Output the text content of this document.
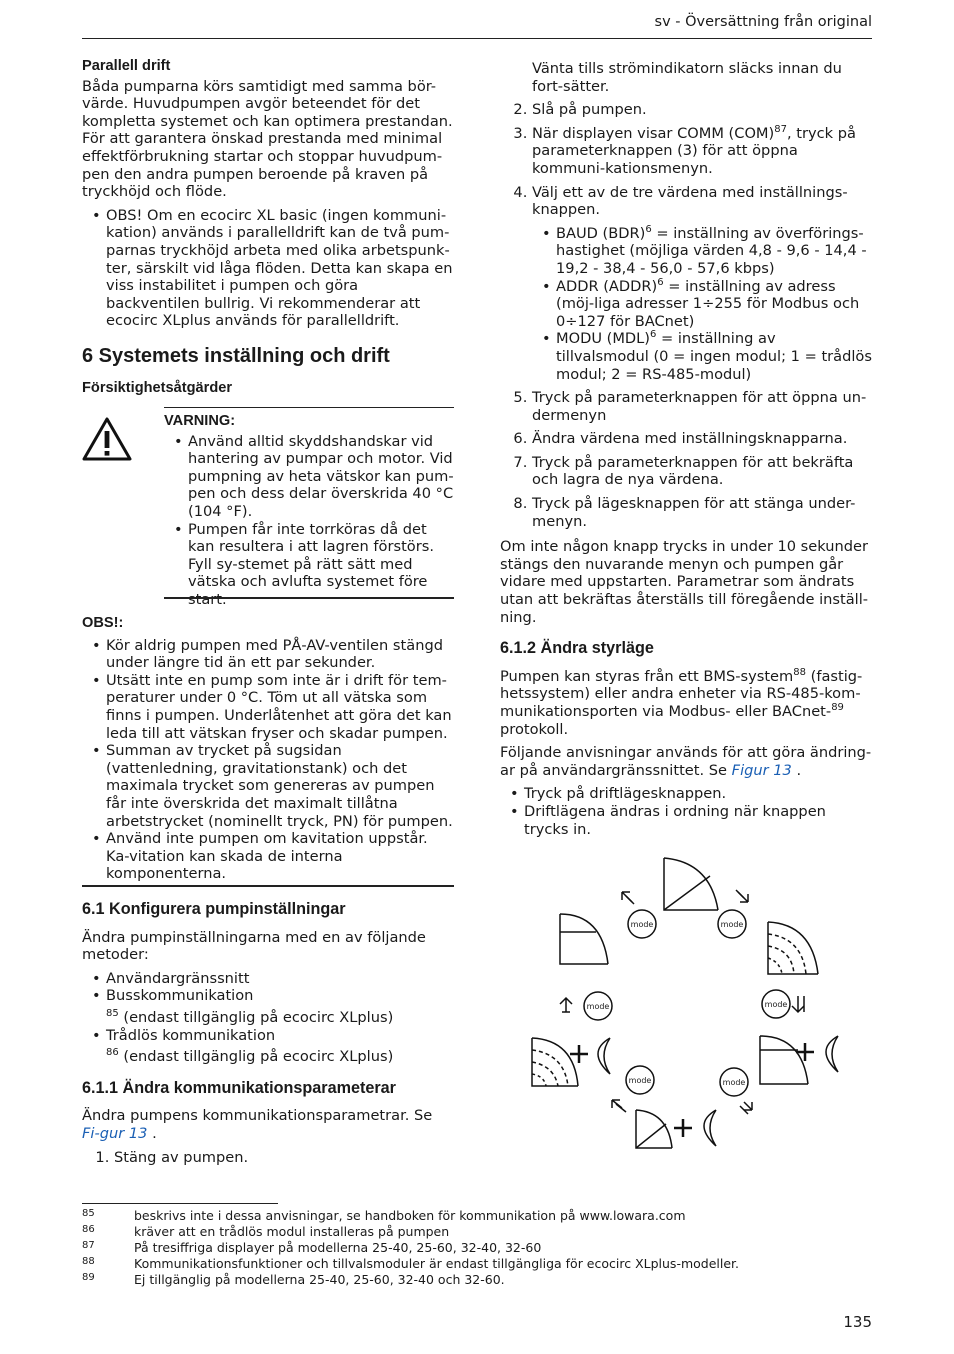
sv - Översättning från original
Parallell drift

Båda pumparna körs samtidigt med samma bör-värde. Huvudpumpen avgör beteendet för det kompletta systemet och kan optimera prestandan. För att garantera önskad prestanda med minimal effektförbrukning startar och stoppar huvudpum-pen den andra pumpen beroende på kraven på tryckhöjd och flöde.

• OBS! Om en ecocirc XL basic (ingen kommuni-kation) används i parallelldrift kan de två pum-parnas tryckhöjd arbeta med olika arbetspunk-ter, särskilt vid låga flöden. Detta kan skapa en viss instabilitet i pumpen och göra backventilen bullrig. Vi rekommenderar att ecocirc XLplus används för parallelldrift.
6 Systemets inställning och drift
Försiktighetsåtgärder
VARNING:
• Använd alltid skyddshandskar vid hantering av pumpar och motor. Vid pumpning av heta vätskor kan pum-pen och dess delar överskrida 40 °C (104 °F).
• Pumpen får inte torrköras då det kan resultera i att lagren förstörs. Fyll sy-stemet på rätt sätt med vätska och avlufta systemet före start.
OBS!:
• Kör aldrig pumpen med PÅ-AV-ventilen stängd under längre tid än ett par sekunder.
• Utsätt inte en pump som inte är i drift för tem-peraturer under 0 °C. Töm ut all vätska som finns i pumpen. Underlåtenhet att göra det kan leda till att vätskan fryser och skadar pumpen.
• Summan av trycket på sugsidan (vattenledning, gravitationstank) och det maximala trycket som genereras av pumpen får inte överskrida det maximalt tillåtna arbetstrycket (nominellt tryck, PN) för pumpen.
• Använd inte pumpen om kavitation uppstår. Ka-vitation kan skada de interna komponenterna.
6.1 Konfigurera pumpinställningar

Ändra pumpinställningarna med en av följande metoder:

• Användargränssnitt
• Busskommunikation
$^{85}$ (endast tillgänglig på ecocirc XLplus)
• Trådlös kommunikation
$^{86}$ (endast tillgänglig på ecocirc XLplus)
6.1.1 Ändra kommunikationsparameterar

Ändra pumpens kommunikationsparametrar. Se Fi-gur 13 .

1. Stäng av pumpen.

Vänta tills strömindikatorn släcks innan du fort-sätter.

2. Slå på pumpen.
3. När displayen visar COMM (COM)$^{87}$, tryck på parameterknappen (3) för att öppna kommuni-kationsmenyn.
4. Välj ett av de tre värdena med inställnings-knappen.
• BAUD (BDR)$^6$ = inställning av överförings-hastighet (möjliga värden 4,8 - 9,6 - 14,4 - 19,2 - 38,4 - 56,0 - 57,6 kbps)
• ADDR (ADDR)$^6$ = inställning av adress (möj-liga adresser 1÷255 för Modbus och 0÷127 för BACnet)
• MODU (MDL)$^6$ = inställning av tillvalsmodul (0 = ingen modul; 1 = trådlös modul; 2 = RS-485-modul)
5. Tryck på parameterknappen för att öppna un-dermenyn
6. Ändra värdena med inställningsknapparna.
7. Tryck på parameterknappen för att bekräfta och lagra de nya värdena.
8. Tryck på lägesknappen för att stänga under-menyn.

Om inte någon knapp trycks in under 10 sekunder stängs den nuvarande menyn och pumpen går vidare med uppstarten. Parametrar som ändrats utan att bekräftas återställs till föregående inställ-ning.

6.1.2 Ändra styrläge

Pumpen kan styras från ett BMS-system$^{88}$ (fastig-hetssystem) eller andra enheter via RS-485-kom-munikationsporten via Modbus- eller BACnet-$^{89}$ protokoll.

Följande anvisningar används för att göra ändring-ar på användargränssnittet. Se Figur 13 .

• Tryck på driftlägesknappen.
• Driftlägena ändras i ordning när knappen trycks in.
mode	mode
mode	mode
mode	mode
85	beskrivs inte i dessa anvisningar, se handboken för kommunikation på www.lowara.com
86	kräver att en trådlös modul installeras på pumpen
87	På tresiffriga displayer på modellerna 25-40, 25-60, 32-40, 32-60
88	Kommunikationsfunktioner och tillvalsmoduler är endast tillgängliga för ecocirc XLplus-modeller.
89	Ej tillgänglig på modellerna 25-40, 25-60, 32-40 och 32-60.
135
